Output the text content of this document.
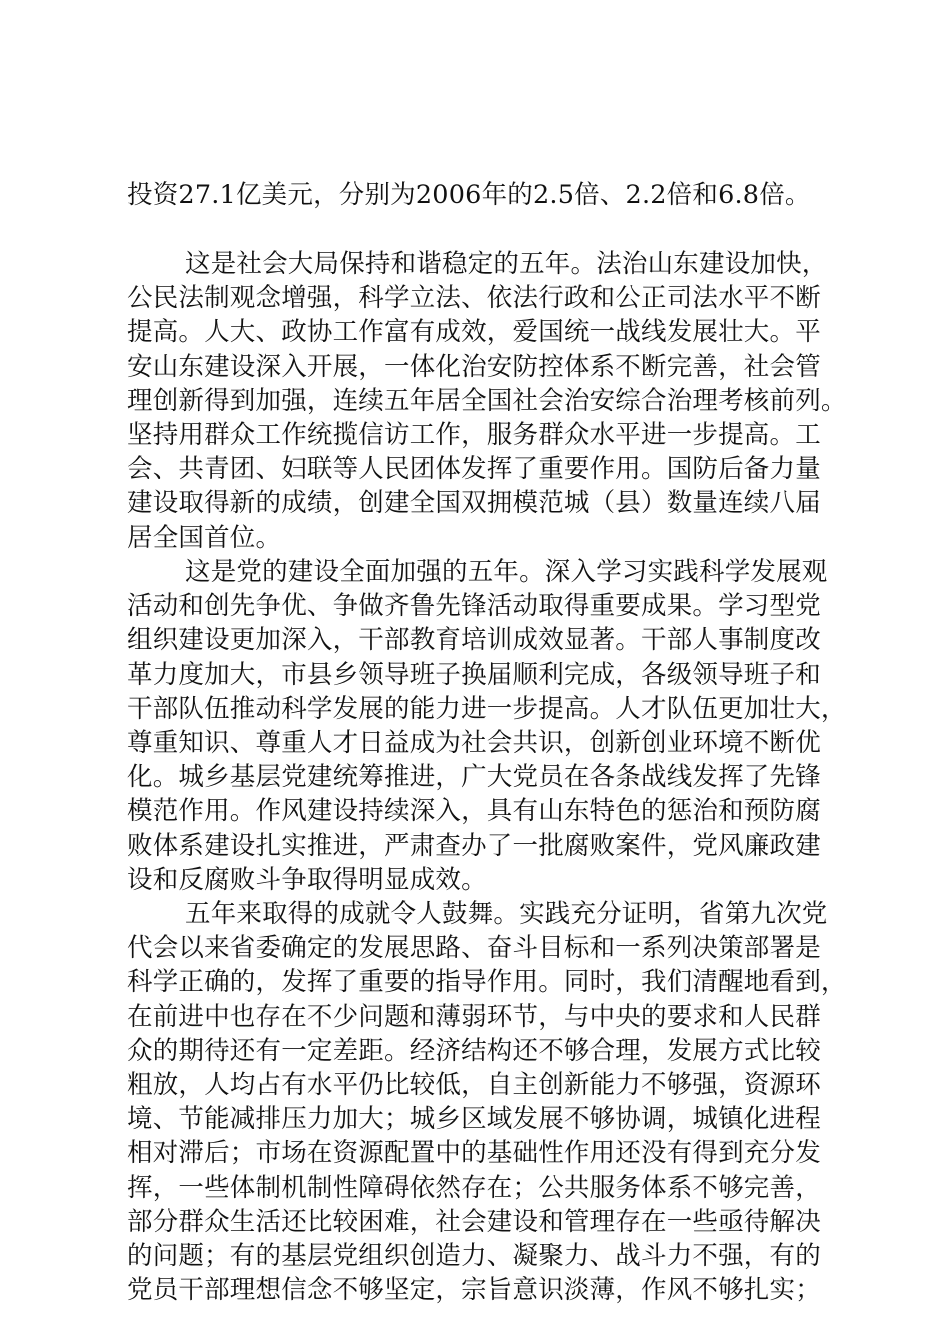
投资27.1亿美元，分别为2006年的2.5倍、2.2倍和6.8倍。
这是社会大局保持和谐稳定的五年。法治山东建设加快，
公民法制观念增强，科学立法、依法行政和公正司法水平不断
提高。人大、政协工作富有成效，爱国统一战线发展壮大。平
安山东建设深入开展，一体化治安防控体系不断完善，社会管
理创新得到加强，连续五年居全国社会治安综合治理考核前列。
坚持用群众工作统揽信访工作，服务群众水平进一步提高。工
会、共青团、妇联等人民团体发挥了重要作用。国防后备力量
建设取得新的成绩，创建全国双拥模范城（县）数量连续八届
居全国首位。
这是党的建设全面加强的五年。深入学习实践科学发展观
活动和创先争优、争做齐鲁先锋活动取得重要成果。学习型党
组织建设更加深入，干部教育培训成效显著。干部人事制度改
革力度加大，市县乡领导班子换届顺利完成，各级领导班子和
干部队伍推动科学发展的能力进一步提高。人才队伍更加壮大，
尊重知识、尊重人才日益成为社会共识，创新创业环境不断优
化。城乡基层党建统筹推进，广大党员在各条战线发挥了先锋
模范作用。作风建设持续深入，具有山东特色的惩治和预防腐
败体系建设扎实推进，严肃查办了一批腐败案件，党风廉政建
设和反腐败斗争取得明显成效。
五年来取得的成就令人鼓舞。实践充分证明，省第九次党
代会以来省委确定的发展思路、奋斗目标和一系列决策部署是
科学正确的，发挥了重要的指导作用。同时，我们清醒地看到，
在前进中也存在不少问题和薄弱环节，与中央的要求和人民群
众的期待还有一定差距。经济结构还不够合理，发展方式比较
粗放，人均占有水平仍比较低，自主创新能力不够强，资源环
境、节能减排压力加大；城乡区域发展不够协调，城镇化进程
相对滞后；市场在资源配置中的基础性作用还没有得到充分发
挥，一些体制机制性障碍依然存在；公共服务体系不够完善，
部分群众生活还比较困难，社会建设和管理存在一些亟待解决
的问题；有的基层党组织创造力、凝聚力、战斗力不强，有的
党员干部理想信念不够坚定，宗旨意识淡薄，作风不够扎实；
